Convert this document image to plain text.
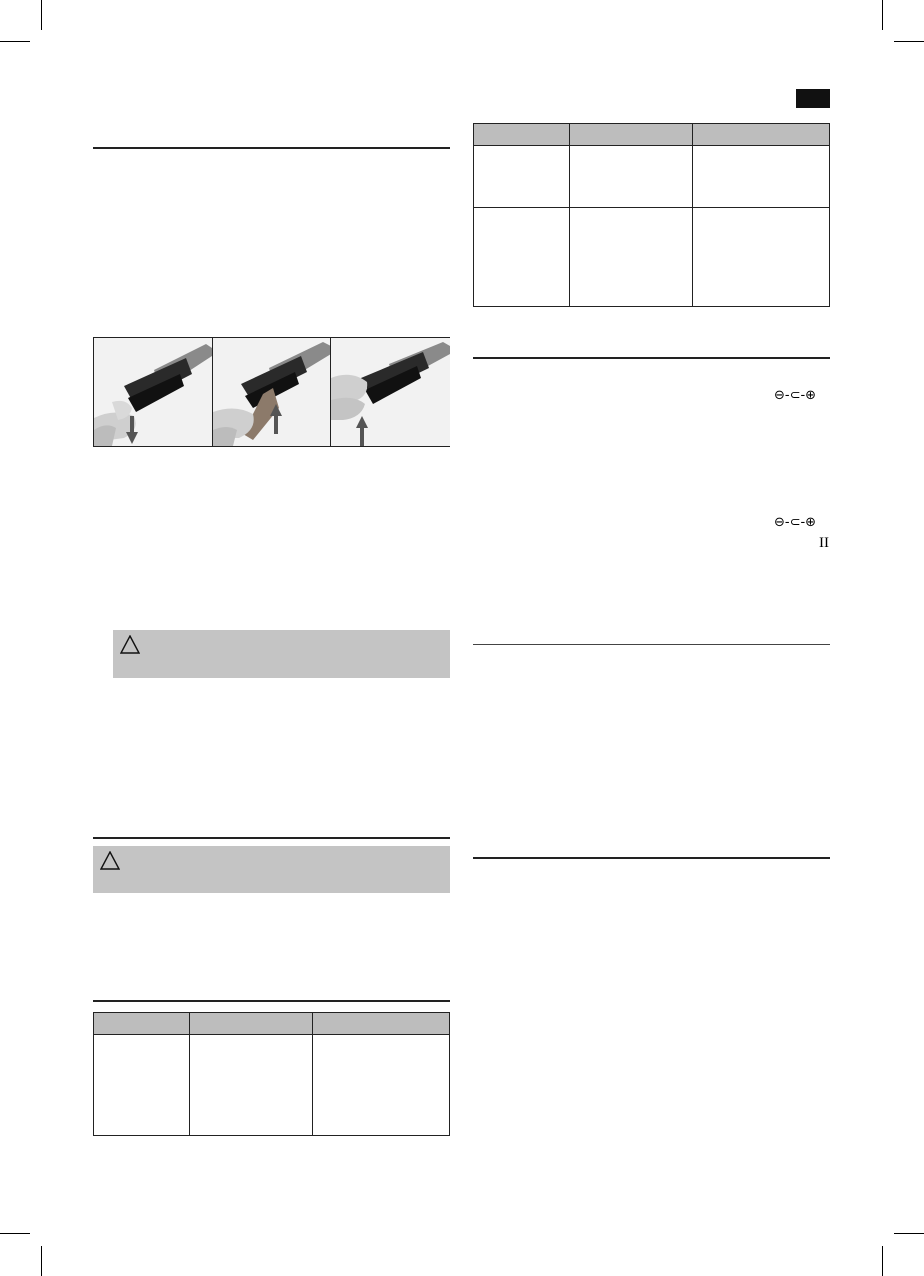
⊖-⊂-⊕
⊖-⊂-⊕
II
